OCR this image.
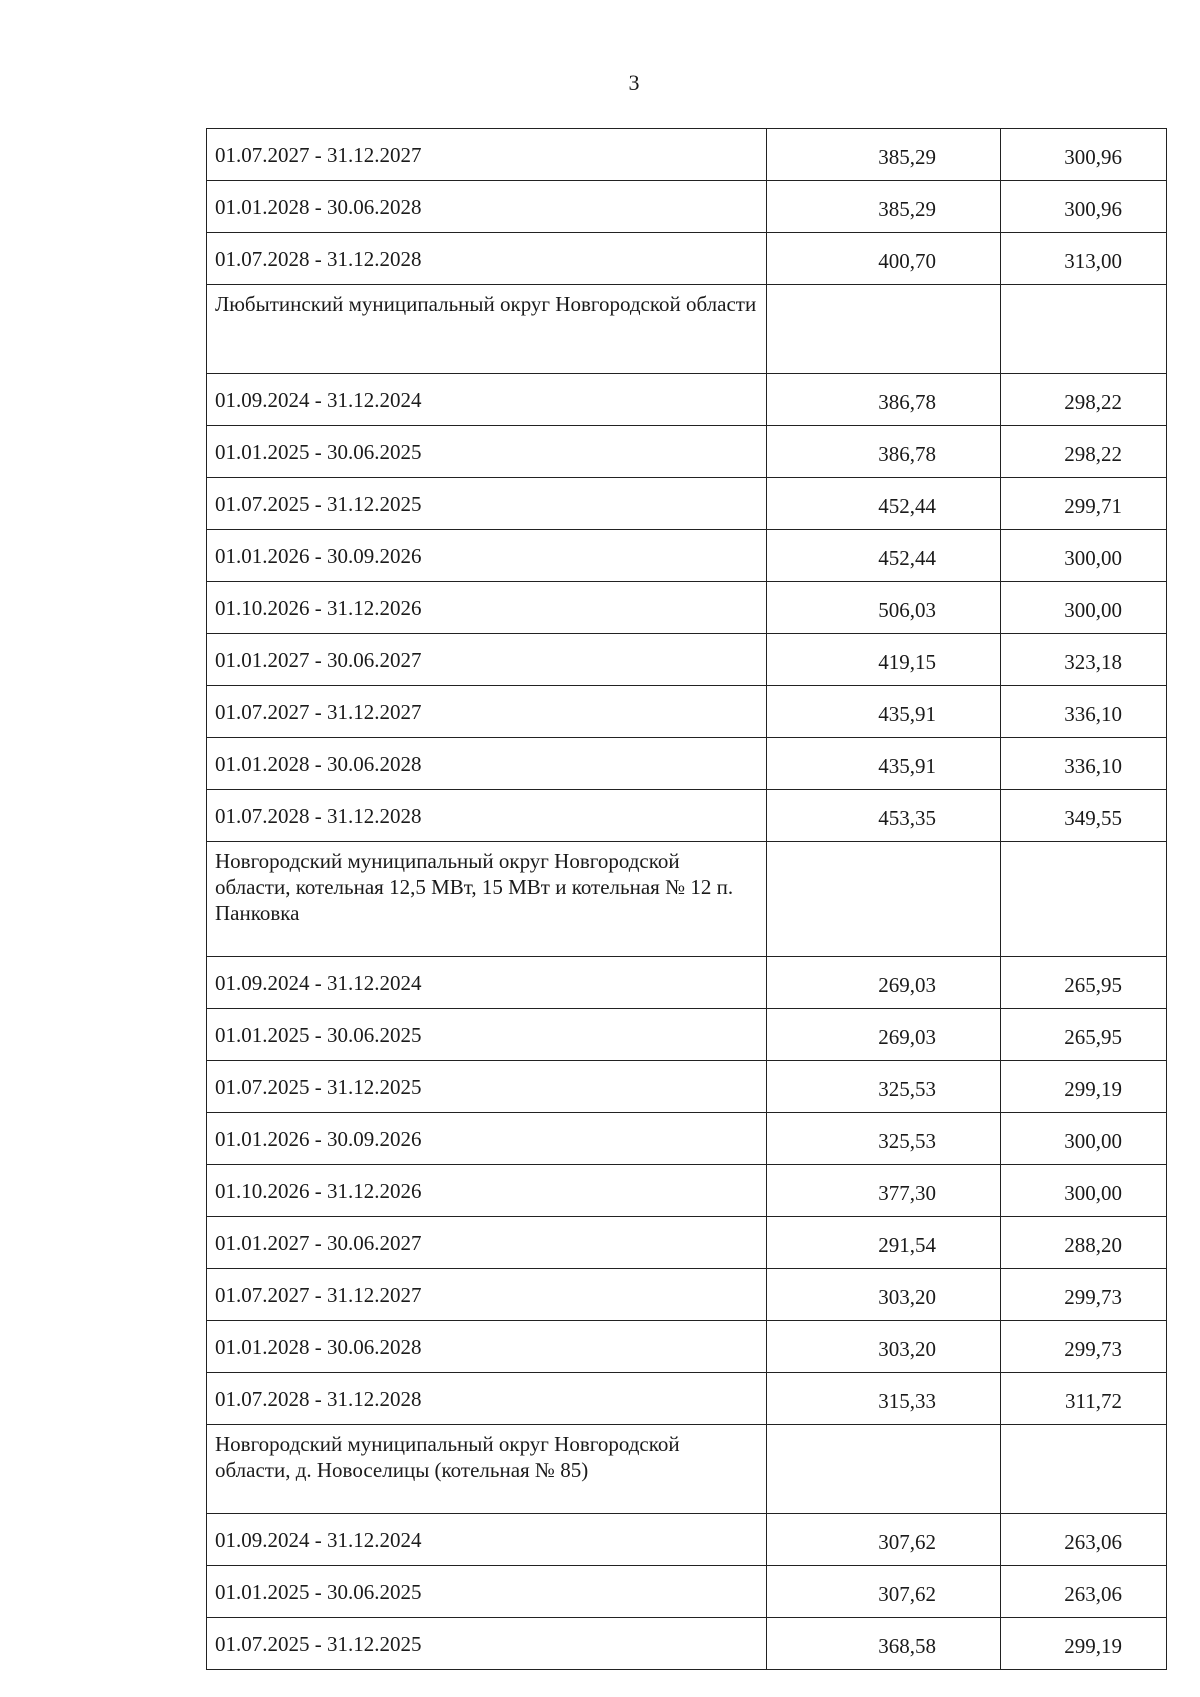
3
01.07.2027 - 31.12.2027	385,29	300,96
01.01.2028 - 30.06.2028	385,29	300,96
01.07.2028 - 31.12.2028	400,70	313,00
Любытинский муниципальный округ Новгородской области		
01.09.2024 - 31.12.2024	386,78	298,22
01.01.2025 - 30.06.2025	386,78	298,22
01.07.2025 - 31.12.2025	452,44	299,71
01.01.2026 - 30.09.2026	452,44	300,00
01.10.2026 - 31.12.2026	506,03	300,00
01.01.2027 - 30.06.2027	419,15	323,18
01.07.2027 - 31.12.2027	435,91	336,10
01.01.2028 - 30.06.2028	435,91	336,10
01.07.2028 - 31.12.2028	453,35	349,55
Новгородский муниципальный округ Новгородской области, котельная 12,5 МВт, 15 МВт и котельная № 12 п. Панковка		
01.09.2024 - 31.12.2024	269,03	265,95
01.01.2025 - 30.06.2025	269,03	265,95
01.07.2025 - 31.12.2025	325,53	299,19
01.01.2026 - 30.09.2026	325,53	300,00
01.10.2026 - 31.12.2026	377,30	300,00
01.01.2027 - 30.06.2027	291,54	288,20
01.07.2027 - 31.12.2027	303,20	299,73
01.01.2028 - 30.06.2028	303,20	299,73
01.07.2028 - 31.12.2028	315,33	311,72
Новгородский муниципальный округ Новгородской области, д. Новоселицы (котельная № 85)		
01.09.2024 - 31.12.2024	307,62	263,06
01.01.2025 - 30.06.2025	307,62	263,06
01.07.2025 - 31.12.2025	368,58	299,19
